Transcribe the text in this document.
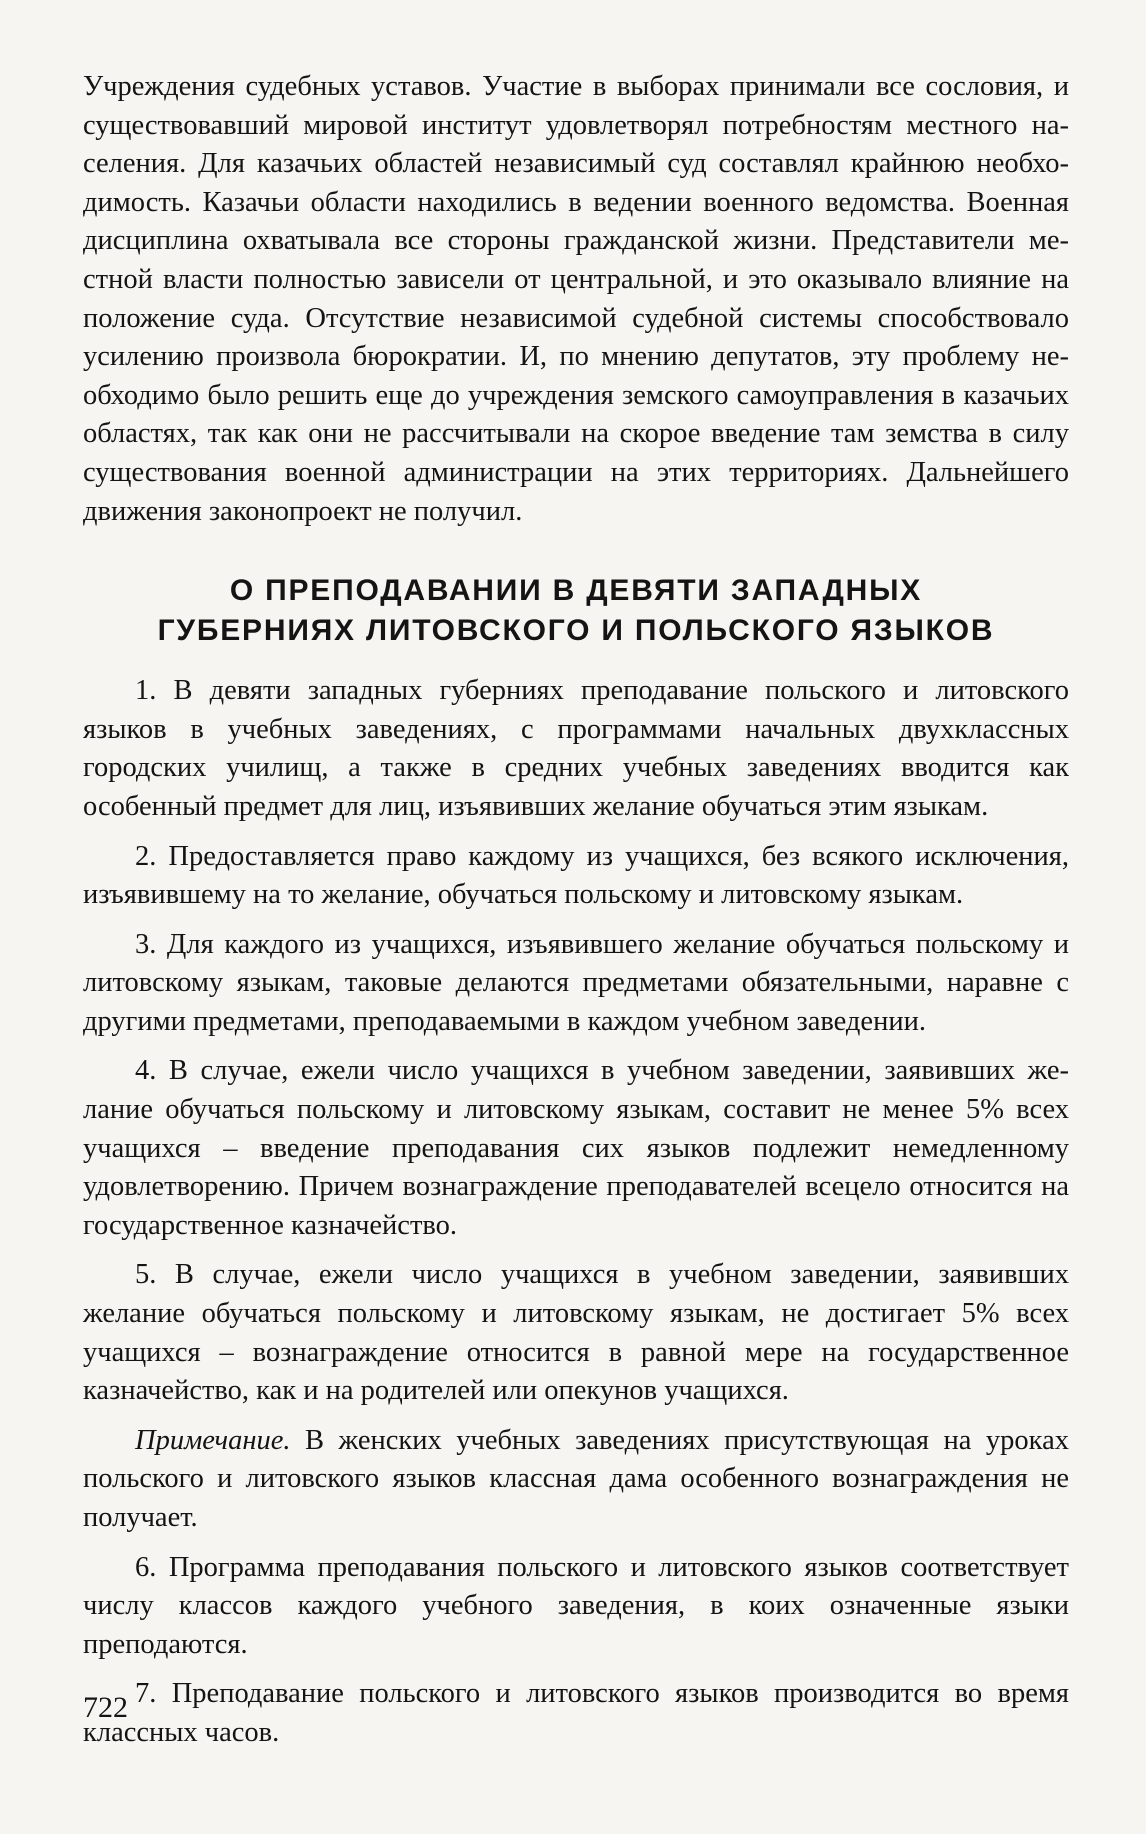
Учреждения судебных уставов. Участие в выборах принимали все сословия, и существовавший мировой институт удовлетворял потребностям местного населения. Для казачьих областей независимый суд составлял крайнюю необходимость. Казачьи области находились в ведении военного ведомства. Военная дисциплина охватывала все стороны гражданской жизни. Представители местной власти полностью зависели от центральной, и это оказывало влияние на положение суда. Отсутствие независимой судебной системы способствовало усилению произвола бюрократии. И, по мнению депутатов, эту проблему необходимо было решить еще до учреждения земского самоуправления в казачьих областях, так как они не рассчитывали на скорое введение там земства в силу существования военной администрации на этих территориях. Дальнейшего движения законопроект не получил.

О ПРЕПОДАВАНИИ В ДЕВЯТИ ЗАПАДНЫХ
ГУБЕРНИЯХ ЛИТОВСКОГО И ПОЛЬСКОГО ЯЗЫКОВ

1. В девяти западных губерниях преподавание польского и литовского языков в учебных заведениях, с программами начальных двухклассных городских училищ, а также в средних учебных заведениях вводится как особенный предмет для лиц, изъявивших желание обучаться этим языкам.

2. Предоставляется право каждому из учащихся, без всякого исключения, изъявившему на то желание, обучаться польскому и литовскому языкам.

3. Для каждого из учащихся, изъявившего желание обучаться польскому и литовскому языкам, таковые делаются предметами обязательными, наравне с другими предметами, преподаваемыми в каждом учебном заведении.

4. В случае, ежели число учащихся в учебном заведении, заявивших желание обучаться польскому и литовскому языкам, составит не менее 5% всех учащихся – введение преподавания сих языков подлежит немедленному удовлетворению. Причем вознаграждение преподавателей всецело относится на государственное казначейство.

5. В случае, ежели число учащихся в учебном заведении, заявивших желание обучаться польскому и литовскому языкам, не достигает 5% всех учащихся – вознаграждение относится в равной мере на государственное казначейство, как и на родителей или опекунов учащихся.

Примечание. В женских учебных заведениях присутствующая на уроках польского и литовского языков классная дама особенного вознаграждения не получает.

6. Программа преподавания польского и литовского языков соответствует числу классов каждого учебного заведения, в коих означенные языки преподаются.

7. Преподавание польского и литовского языков производится во время классных часов.

722
